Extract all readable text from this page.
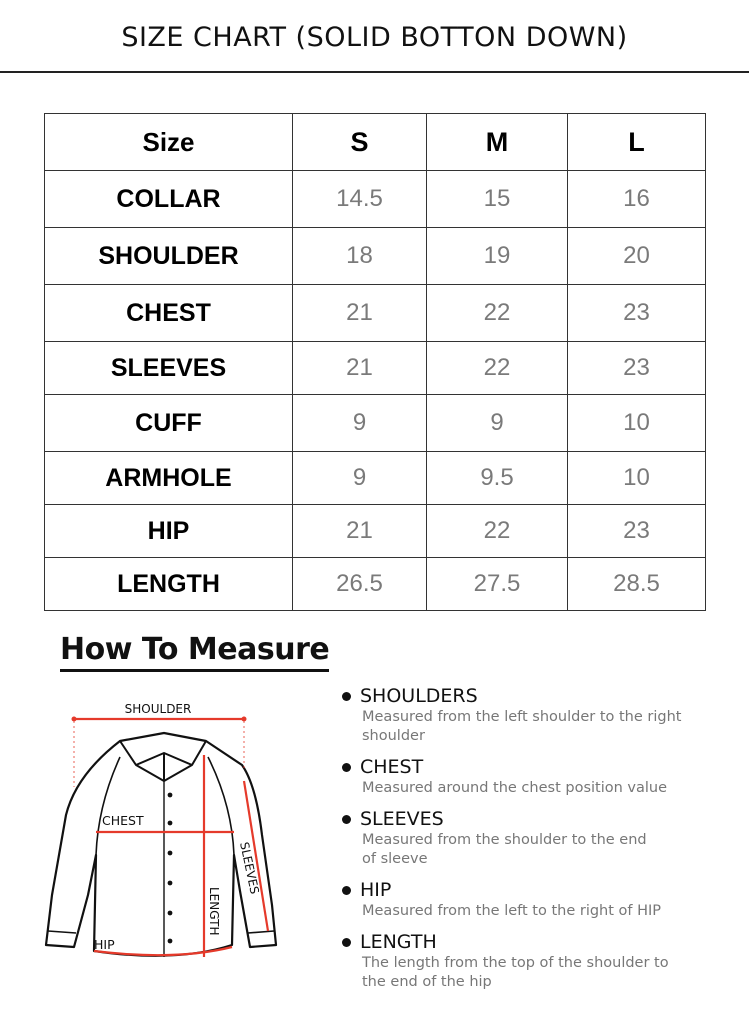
SIZE CHART (SOLID BOTTON DOWN)
Size	S	M	L
COLLAR	14.5	15	16
SHOULDER	18	19	20
CHEST	21	22	23
SLEEVES	21	22	23
CUFF	9	9	10
ARMHOLE	9	9.5	10
HIP	21	22	23
LENGTH	26.5	27.5	28.5
How To Measure
SHOULDER
CHEST
LENGTH
SLEEVES
HIP
SHOULDERS
Measured from the left shoulder to the right
shoulder
CHEST
Measured around the chest position value
SLEEVES
Measured from the shoulder to the end
of sleeve
HIP
Measured from the left to the right of HIP
LENGTH
The length from the top of the shoulder to
the end of the hip
